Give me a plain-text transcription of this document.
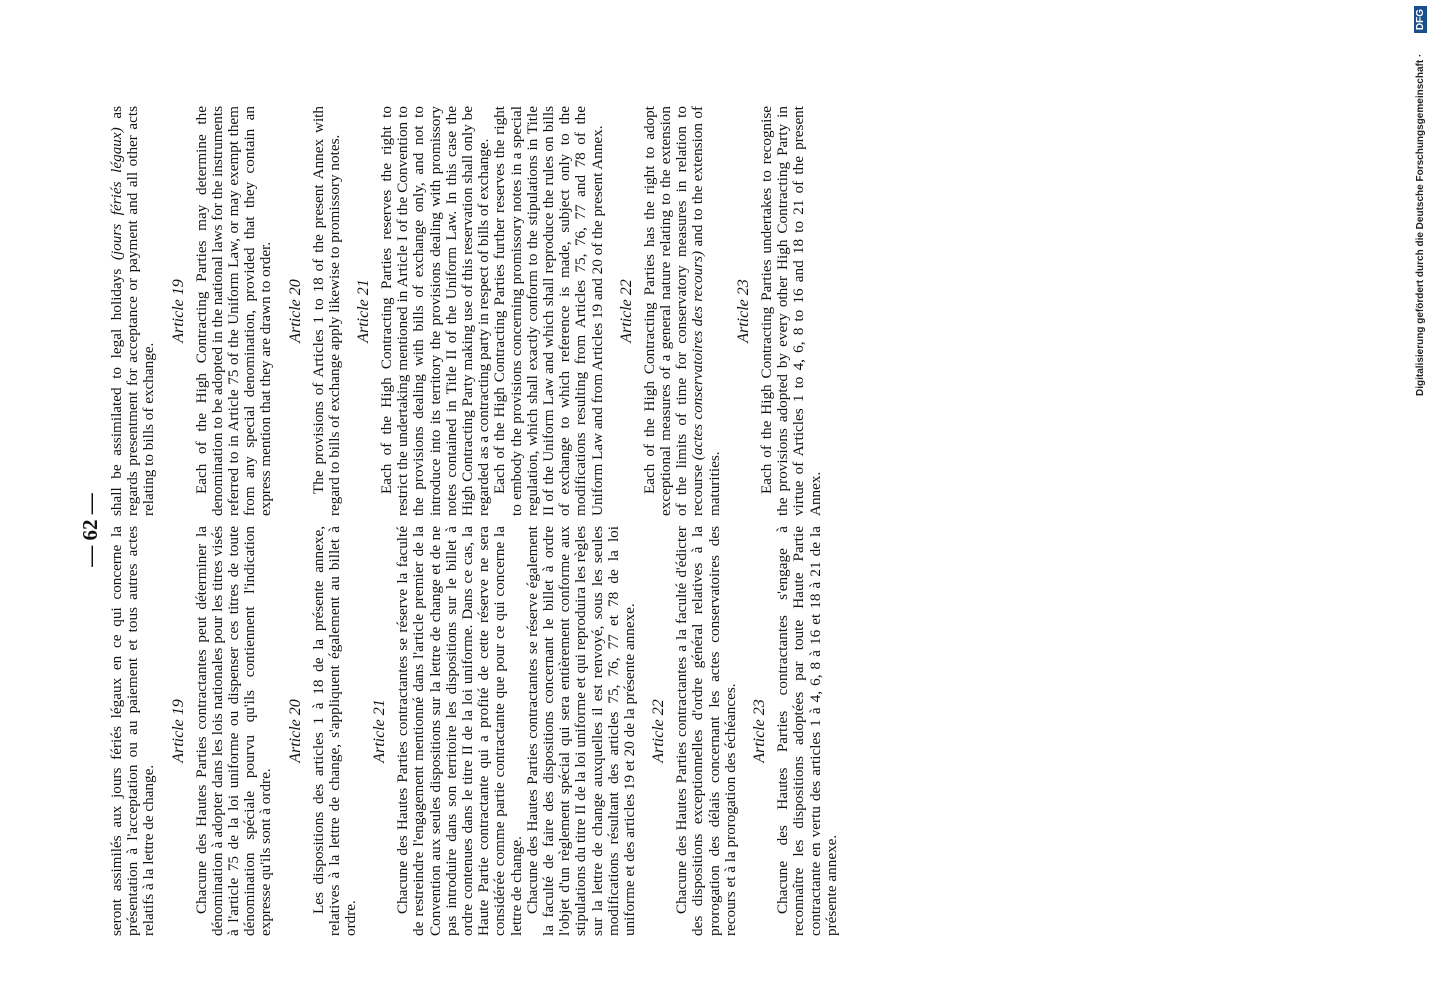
— 62 — seront assimilés aux jours fériés légaux en ce qui concerne la présentation à l'acceptation ou au paiement et tous autres actes relatifs à la lettre de change.

Article 19 Chacune des Hautes Parties contractantes peut déterminer la dénomination à adopter dans les lois nationales pour les titres visés à l'article 75 de la loi uniforme ou dispenser ces titres de toute dénomination spéciale pourvu qu'ils contiennent l'indication expresse qu'ils sont à ordre.

Article 20 Les dispositions des articles 1 à 18 de la présente annexe, relatives à la lettre de change, s'appliquent également au billet à ordre.

Article 21 Chacune des Hautes Parties contractantes se réserve la faculté de restreindre l'engagement mentionné dans l'article premier de la Convention aux seules dispositions sur la lettre de change et de ne pas introduire dans son territoire les dispositions sur le billet à ordre contenues dans le titre II de la loi uniforme. Dans ce cas, la Haute Partie contractante qui a profité de cette réserve ne sera considérée comme partie contractante que pour ce qui concerne la lettre de change. Chacune des Hautes Parties contractantes se réserve également la faculté de faire des dispositions concernant le billet à ordre l'objet d'un règlement spécial qui sera entièrement conforme aux stipulations du titre II de la loi uniforme et qui reproduira les règles sur la lettre de change auxquelles il est renvoyé, sous les seules modifications résultant des articles 75, 76, 77 et 78 de la loi uniforme et des articles 19 et 20 de la présente annexe. Article 22 Chacune des Hautes Parties contractantes a la faculté d'édicter des dispositions exceptionnelles d'ordre général relatives à la prorogation des délais concernant les actes conservatoires des recours et à la prorogation des échéances. Article 23 Chacune des Hautes Parties contractantes s'engage à reconnaître les dispositions adoptées par toute Haute Partie contractante en vertu des articles 1 à 4, 6, 8 à 16 et 18 à 21 de la présente annexe.

shall be assimilated to legal holidays (jours fériés légaux) as regards presentment for acceptance or payment and all other acts relating to bills of exchange.

Article 19 Each of the High Contracting Parties may determine the denomination to be adopted in the national laws for the instruments referred to in Article 75 of the Uniform Law, or may exempt them from any special denomination, provided that they contain an express mention that they are drawn to order. Article 20 The provisions of Articles 1 to 18 of the present Annex with regard to bills of exchange apply likewise to promissory notes. Article 21 Each of the High Contracting Parties reserves the right to restrict the undertaking mentioned in Article I of the Convention to the provisions dealing with bills of exchange only, and not to introduce into its territory the provisions dealing with promissory notes contained in Title II of the Uniform Law. In this case the High Contracting Party making use of this reservation shall only be regarded as a contracting party in respect of bills of exchange. Each of the High Contracting Parties further reserves the right to embody the provisions concerning promissory notes in a special regulation, which shall exactly conform to the stipulations in Title II of the Uniform Law and which shall reproduce the rules on bills of exchange to which reference is made, subject only to the modifications resulting from Articles 75, 76, 77 and 78 of the Uniform Law and from Articles 19 and 20 of the present Annex. Article 22 Each of the High Contracting Parties has the right to adopt exceptional measures of a general nature relating to the extension of the limits of time for conservatory measures in relation to recourse (actes conservatoires des recours) and to the extension of maturities.

Article 23 Each of the High Contracting Parties undertakes to recognise the provisions adopted by every other High Contracting Party in virtue of Articles 1 to 4, 6, 8 to 16 and 18 to 21 of the present Annex.

Digitalisierung gefördert durch die Deutsche Forschungsgemeinschaft ·
DFG
